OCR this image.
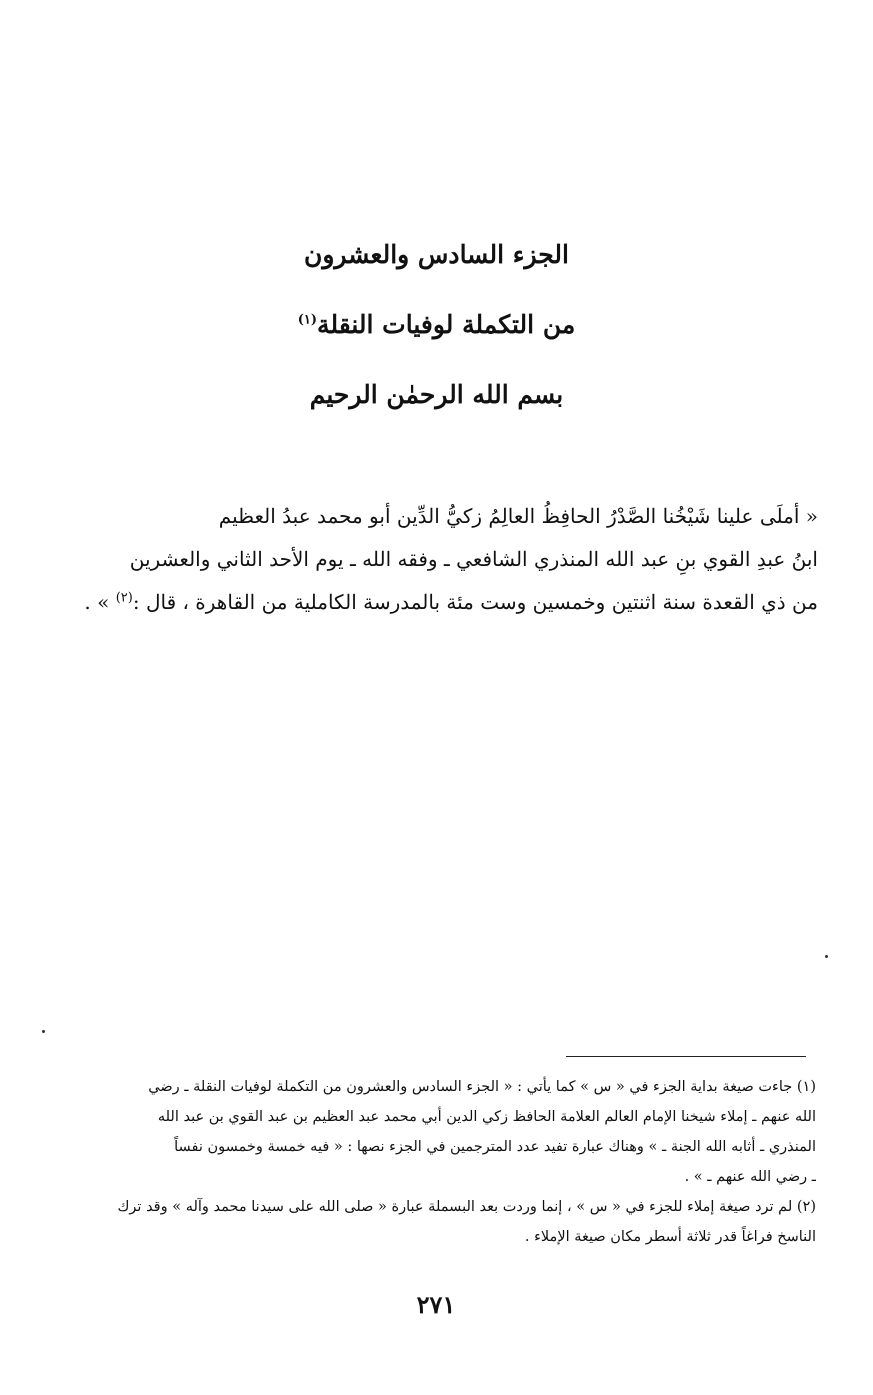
الجزء السادس والعشرون
من التكملة لوفيات النقلة$^{(١)}$
بسم الله الرحمٰن الرحيم
« أملَى علينا شَيْخُنا الصَّدْرُ الحافِظُ العالِمُ زكيُّ الدِّين أبو محمد عبدُ العظيم
ابنُ عبدِ القوي بنِ عبد الله المنذري الشافعي ـ وفقه الله ـ يوم الأحد الثاني والعشرين
من ذي القعدة سنة اثنتين وخمسين وست مئة بالمدرسة الكاملية من القاهرة ، قال :$^{(٢)}$ » .
(١) جاءت صيغة بداية الجزء في « س » كما يأتي : « الجزء السادس والعشرون من التكملة لوفيات النقلة ـ رضي
الله عنهم ـ إملاء شيخنا الإمام العالم العلامة الحافظ زكي الدين أبي محمد عبد العظيم بن عبد القوي بن عبد الله
المنذري ـ أثابه الله الجنة ـ » وهناك عبارة تفيد عدد المترجمين في الجزء نصها : « فيه خمسة وخمسون نفساً
ـ رضي الله عنهم ـ » .
(٢) لم ترد صيغة إملاء للجزء في « س » ، إنما وردت بعد البسملة عبارة « صلى الله على سيدنا محمد وآله » وقد ترك
الناسخ فراغاً قدر ثلاثة أسطر مكان صيغة الإملاء .
٢٧١
